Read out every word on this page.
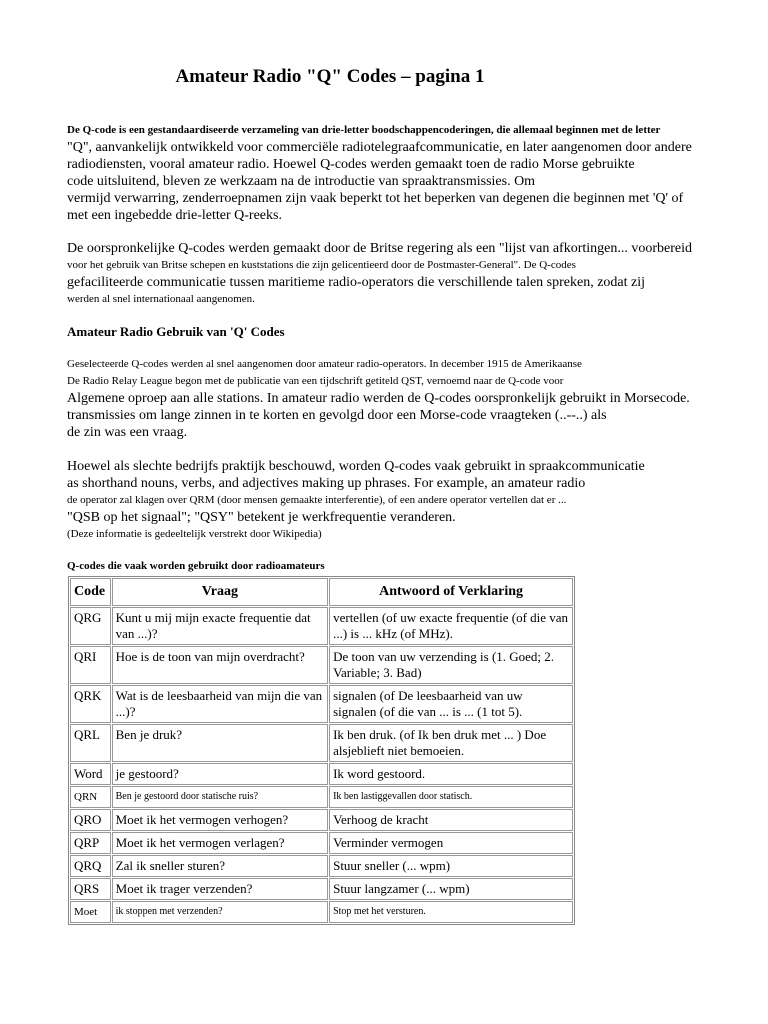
Amateur Radio "Q" Codes – pagina 1
De Q-code is een gestandaardiseerde verzameling van drie-letter boodschappencoderingen, die allemaal beginnen met de letter
"Q", aanvankelijk ontwikkeld voor commerciële radiotelegraafcommunicatie, en later aangenomen door andere
radiodiensten, vooral amateur radio. Hoewel Q-codes werden gemaakt toen de radio Morse gebruikte
code uitsluitend, bleven ze werkzaam na de introductie van spraaktransmissies. Om
vermijd verwarring, zenderroepnamen zijn vaak beperkt tot het beperken van degenen die beginnen met 'Q' of
met een ingebedde drie-letter Q-reeks.
De oorspronkelijke Q-codes werden gemaakt door de Britse regering als een "lijst van afkortingen... voorbereid
voor het gebruik van Britse schepen en kuststations die zijn gelicentieerd door de Postmaster-General". De Q-codes
gefaciliteerde communicatie tussen maritieme radio-operators die verschillende talen spreken, zodat zij
werden al snel internationaal aangenomen.
Amateur Radio Gebruik van 'Q' Codes
Geselecteerde Q-codes werden al snel aangenomen door amateur radio-operators. In december 1915 de Amerikaanse
De Radio Relay League begon met de publicatie van een tijdschrift getiteld QST, vernoemd naar de Q-code voor
Algemene oproep aan alle stations. In amateur radio werden de Q-codes oorspronkelijk gebruikt in Morsecode.
transmissies om lange zinnen in te korten en gevolgd door een Morse-code vraagteken (..--..) als
de zin was een vraag.
Hoewel als slechte bedrijfs praktijk beschouwd, worden Q-codes vaak gebruikt in spraakcommunicatie
as shorthand nouns, verbs, and adjectives making up phrases. For example, an amateur radio
de operator zal klagen over QRM (door mensen gemaakte interferentie), of een andere operator vertellen dat er ...
"QSB op het signaal"; "QSY" betekent je werkfrequentie veranderen.
(Deze informatie is gedeeltelijk verstrekt door Wikipedia)
Q-codes die vaak worden gebruikt door radioamateurs
Code	Vraag	Antwoord of Verklaring
QRG	Kunt u mij mijn exacte frequentie dat van ...)?	vertellen (of uw exacte frequentie (of die van ...) is ... kHz (of MHz).
QRI	Hoe is de toon van mijn overdracht?	De toon van uw verzending is (1. Goed; 2. Variable; 3. Bad)
QRK	Wat is de leesbaarheid van mijn die van ...)?	signalen (of De leesbaarheid van uw signalen (of die van ... is ... (1 tot 5).
QRL	Ben je druk?	Ik ben druk. (of Ik ben druk met ... ) Doe alsjeblieft niet bemoeien.
Word	je gestoord?	Ik word gestoord.
QRN	Ben je gestoord door statische ruis?	Ik ben lastiggevallen door statisch.
QRO	Moet ik het vermogen verhogen?	Verhoog de kracht
QRP	Moet ik het vermogen verlagen?	Verminder vermogen
QRQ	Zal ik sneller sturen?	Stuur sneller (... wpm)
QRS	Moet ik trager verzenden?	Stuur langzamer (... wpm)
Moet	ik stoppen met verzenden?	Stop met het versturen.
